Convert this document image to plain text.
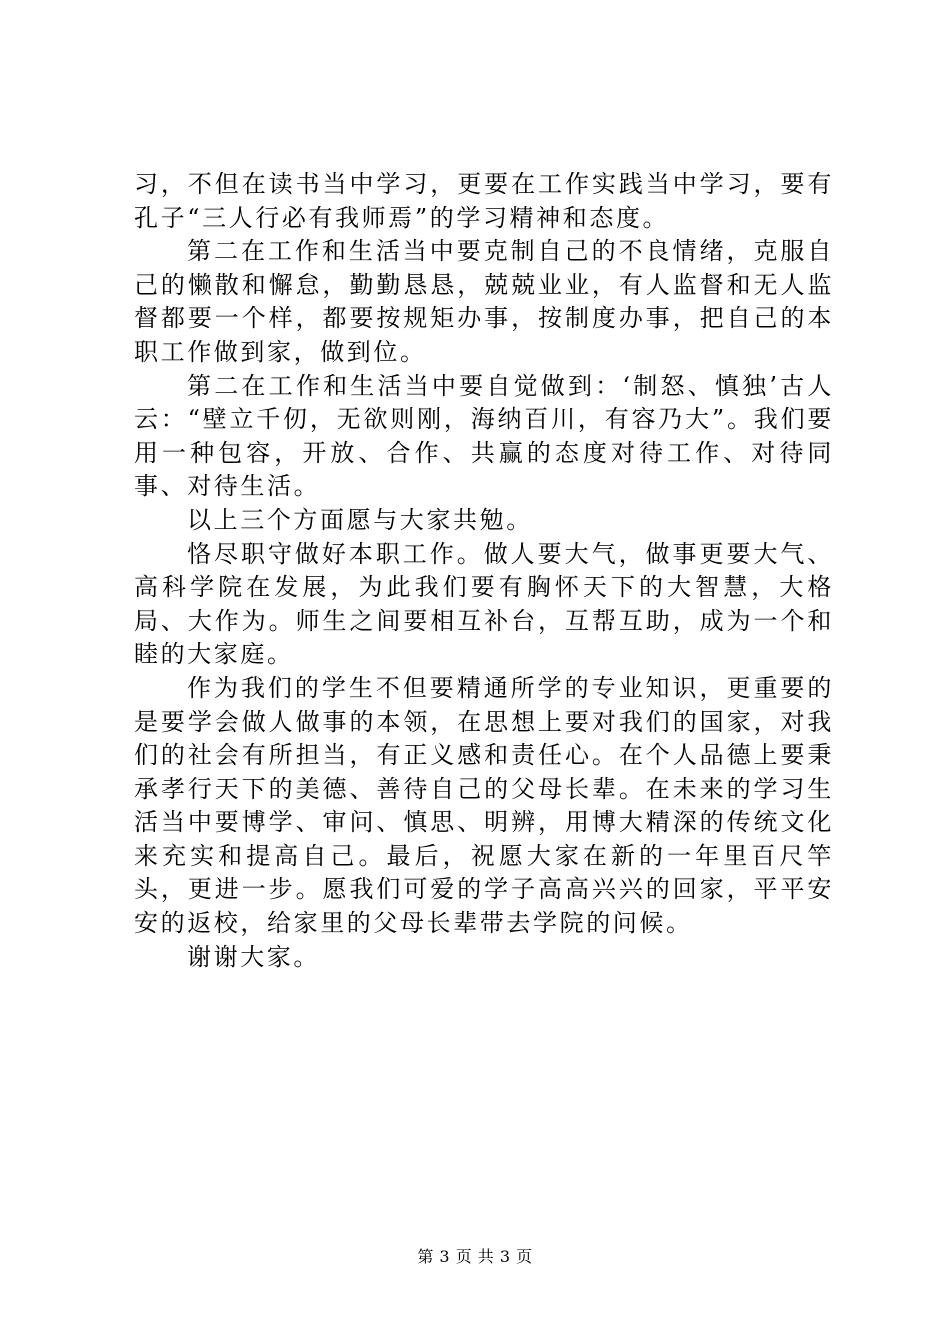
习，不但在读书当中学习，更要在工作实践当中学习，要有孔子“三人行必有我师焉”的学习精神和态度。

第二在工作和生活当中要克制自己的不良情绪，克服自己的懒散和懈怠，勤勤恳恳，兢兢业业，有人监督和无人监督都要一个样，都要按规矩办事，按制度办事，把自己的本职工作做到家，做到位。

第二在工作和生活当中要自觉做到：‘制怒、慎独’古人云：“壁立千仞，无欲则刚，海纳百川，有容乃大”。我们要用一种包容，开放、合作、共赢的态度对待工作、对待同事、对待生活。

以上三个方面愿与大家共勉。

恪尽职守做好本职工作。做人要大气，做事更要大气、高科学院在发展，为此我们要有胸怀天下的大智慧，大格局、大作为。师生之间要相互补台，互帮互助，成为一个和睦的大家庭。

作为我们的学生不但要精通所学的专业知识，更重要的是要学会做人做事的本领，在思想上要对我们的国家，对我们的社会有所担当，有正义感和责任心。在个人品德上要秉承孝行天下的美德、善待自己的父母长辈。在未来的学习生活当中要博学、审问、慎思、明辨，用博大精深的传统文化来充实和提高自己。最后，祝愿大家在新的一年里百尺竿头，更进一步。愿我们可爱的学子高高兴兴的回家，平平安安的返校，给家里的父母长辈带去学院的问候。

谢谢大家。

第 3 页 共 3 页
